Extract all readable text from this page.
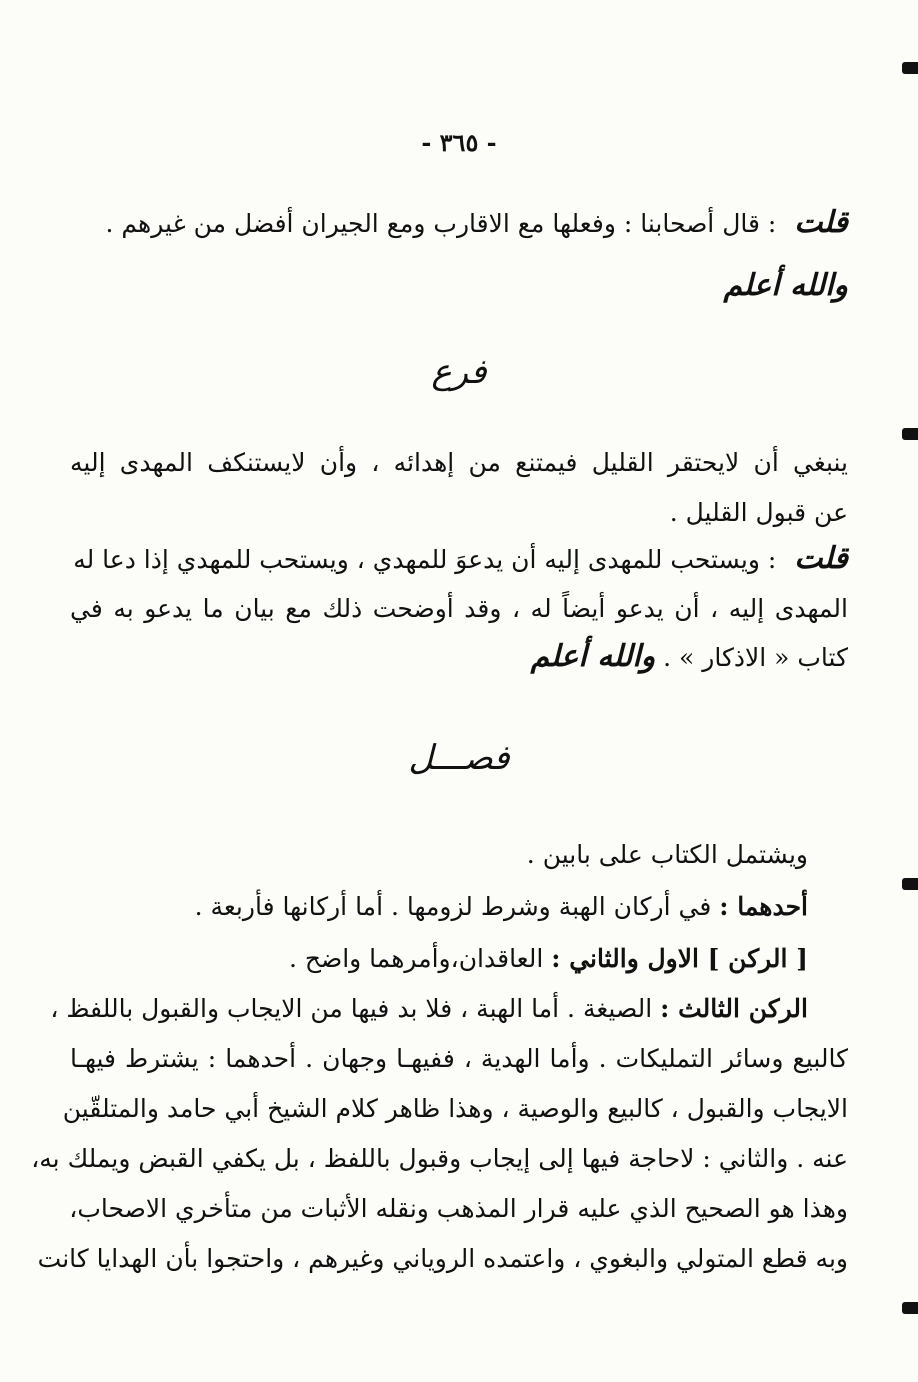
- ٣٦٥ -
قلت : قال أصحابنا : وفعلها مع الاقارب ومع الجيران أفضل من غيرهم .
والله أعلم
فرع
ينبغي أن لايحتقر القليل فيمتنع من إهدائه ، وأن لايستنكف المهدى إليه
عن قبول القليل .
قلت : ويستحب للمهدى إليه أن يدعوَ للمهدي ، ويستحب للمهدي إذا دعا له
المهدى إليه ، أن يدعو أيضاً له ، وقد أوضحت ذلك مع بيان ما يدعو به في
كتاب « الاذكار » . والله أعلم
فصـــل
ويشتمل الكتاب على بابين .
أحدهما : في أركان الهبة وشرط لزومها . أما أركانها فأربعة .
[ الركن ] الاول والثاني : العاقدان،وأمرهما واضح .
الركن الثالث : الصيغة . أما الهبة ، فلا بد فيها من الايجاب والقبول باللفظ ،
كالبيع وسائر التمليكات . وأما الهدية ، ففيهـا وجهان . أحدهما : يشترط فيهـا
الايجاب والقبول ، كالبيع والوصية ، وهذا ظاهر كلام الشيخ أبي حامد والمتلقّين
عنه . والثاني : لاحاجة فيها إلى إيجاب وقبول باللفظ ، بل يكفي القبض ويملك به،
وهذا هو الصحيح الذي عليه قرار المذهب ونقله الأثبات من متأخري الاصحاب،
وبه قطع المتولي والبغوي ، واعتمده الروياني وغيرهم ، واحتجوا بأن الهدايا كانت
